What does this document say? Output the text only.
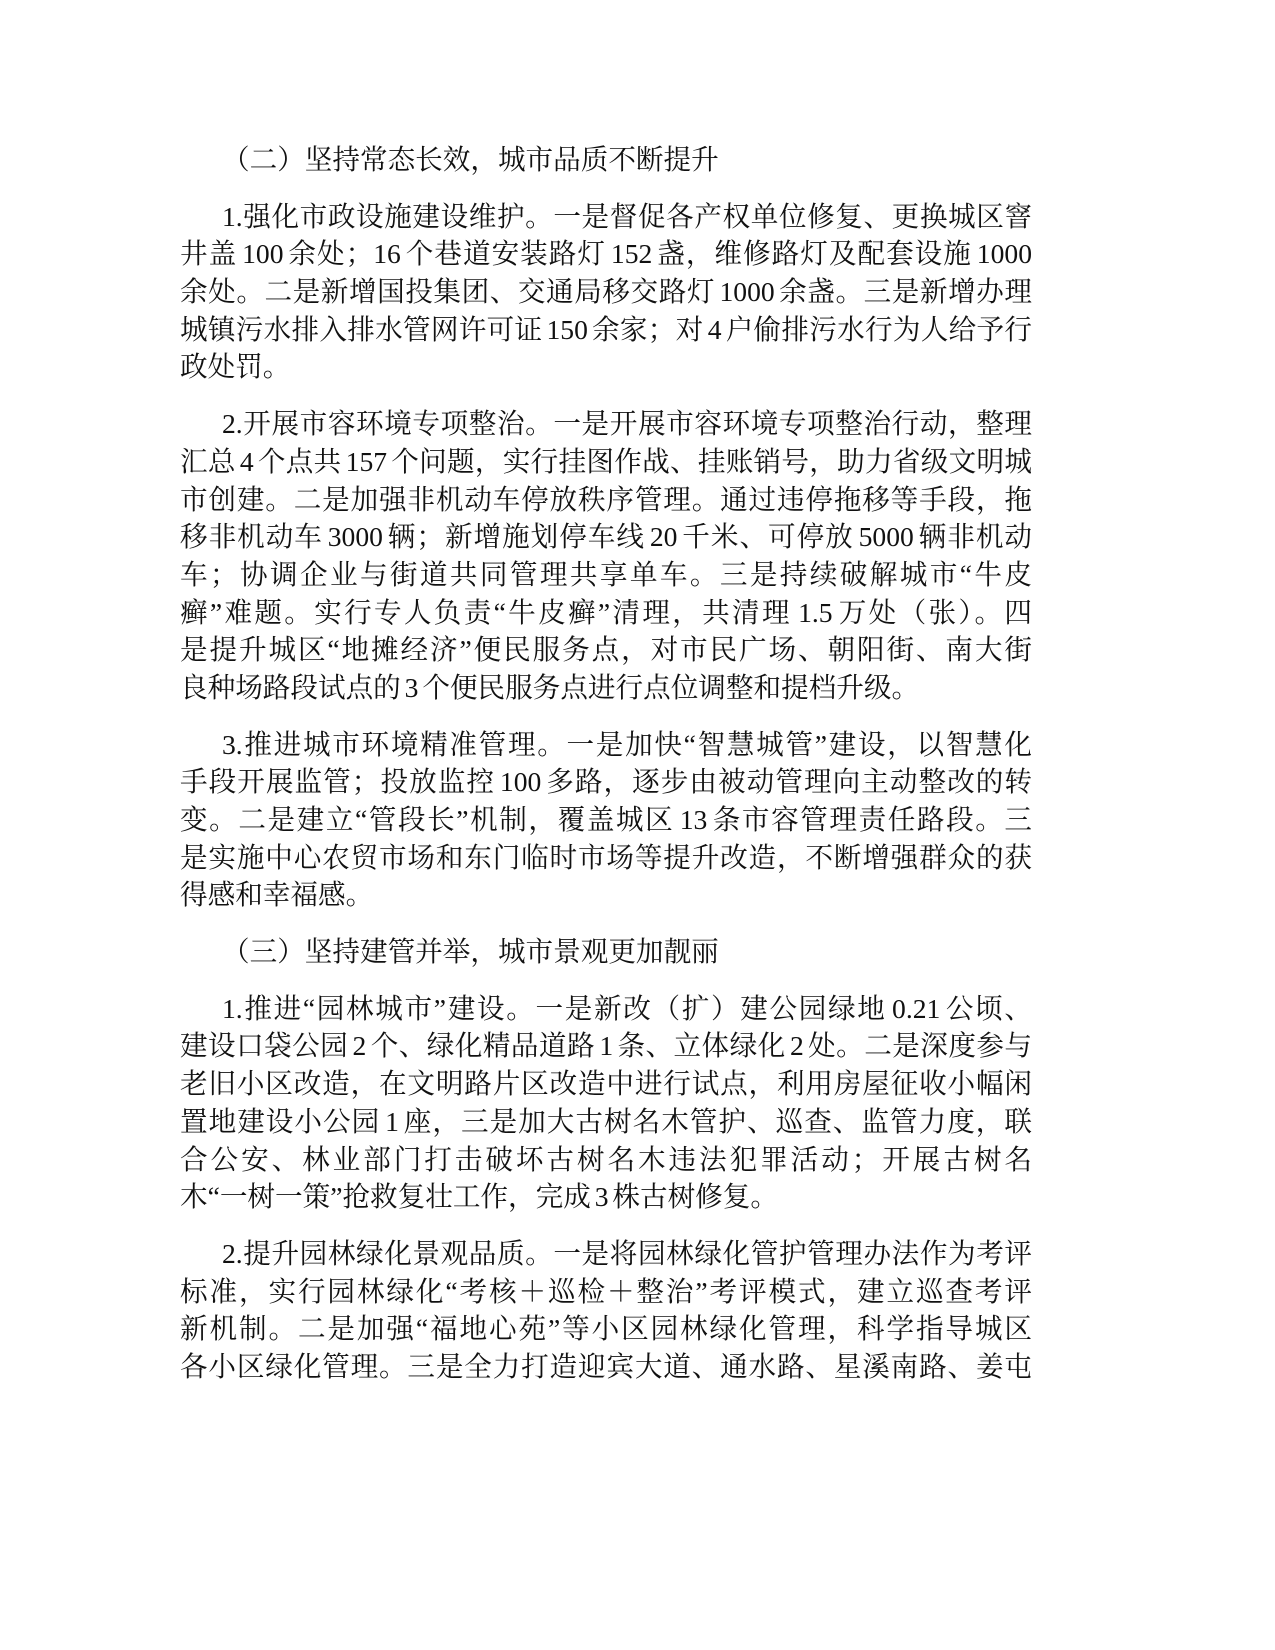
（二）坚持常态长效，城市品质不断提升
1.强化市政设施建设维护。一是督促各产权单位修复、更换城区窨
井盖 100 余处；16 个巷道安装路灯 152 盏，维修路灯及配套设施 1000
余处。二是新增国投集团、交通局移交路灯 1000 余盏。三是新增办理
城镇污水排入排水管网许可证 150 余家；对 4 户偷排污水行为人给予行
政处罚。
2.开展市容环境专项整治。一是开展市容环境专项整治行动，整理
汇总 4 个点共 157 个问题，实行挂图作战、挂账销号，助力省级文明城
市创建。二是加强非机动车停放秩序管理。通过违停拖移等手段，拖
移非机动车 3000 辆；新增施划停车线 20 千米、可停放 5000 辆非机动
车；协调企业与街道共同管理共享单车。三是持续破解城市“牛皮
癣”难题。实行专人负责“牛皮癣”清理，共清理 1.5 万处（张）。四
是提升城区“地摊经济”便民服务点，对市民广场、朝阳街、南大街
良种场路段试点的 3 个便民服务点进行点位调整和提档升级。
3.推进城市环境精准管理。一是加快“智慧城管”建设，以智慧化
手段开展监管；投放监控 100 多路，逐步由被动管理向主动整改的转
变。二是建立“管段长”机制，覆盖城区 13 条市容管理责任路段。三
是实施中心农贸市场和东门临时市场等提升改造，不断增强群众的获
得感和幸福感。
（三）坚持建管并举，城市景观更加靓丽
1.推进“园林城市”建设。一是新改（扩）建公园绿地 0.21 公顷、
建设口袋公园 2 个、绿化精品道路 1 条、立体绿化 2 处。二是深度参与
老旧小区改造，在文明路片区改造中进行试点，利用房屋征收小幅闲
置地建设小公园 1 座，三是加大古树名木管护、巡查、监管力度，联
合公安、林业部门打击破坏古树名木违法犯罪活动；开展古树名
木“一树一策”抢救复壮工作，完成 3 株古树修复。
2.提升园林绿化景观品质。一是将园林绿化管护管理办法作为考评
标准，实行园林绿化“考核＋巡检＋整治”考评模式，建立巡查考评
新机制。二是加强“福地心苑”等小区园林绿化管理，科学指导城区
各小区绿化管理。三是全力打造迎宾大道、通水路、星溪南路、姜屯
